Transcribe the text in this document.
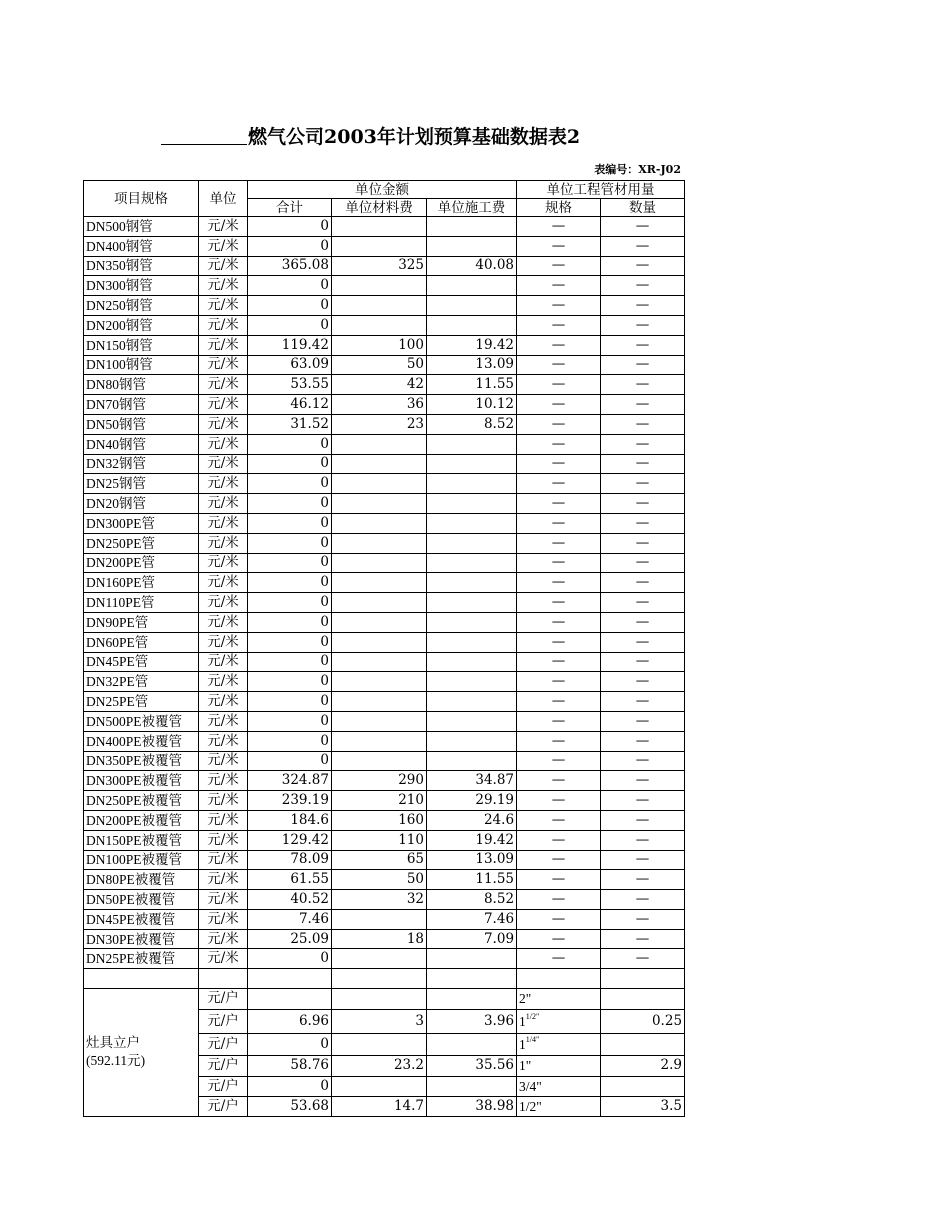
燃气公司2003年计划预算基础数据表2
表编号：XR-J02
项目规格	单位	单位金额			单位工程管材用量	
		合计	单位材料费	单位施工费	规格	数量
DN500钢管	元/米	0			—	—
DN400钢管	元/米	0			—	—
DN350钢管	元/米	365.08	325	40.08	—	—
DN300钢管	元/米	0			—	—
DN250钢管	元/米	0			—	—
DN200钢管	元/米	0			—	—
DN150钢管	元/米	119.42	100	19.42	—	—
DN100钢管	元/米	63.09	50	13.09	—	—
DN80钢管	元/米	53.55	42	11.55	—	—
DN70钢管	元/米	46.12	36	10.12	—	—
DN50钢管	元/米	31.52	23	8.52	—	—
DN40钢管	元/米	0			—	—
DN32钢管	元/米	0			—	—
DN25钢管	元/米	0			—	—
DN20钢管	元/米	0			—	—
DN300PE管	元/米	0			—	—
DN250PE管	元/米	0			—	—
DN200PE管	元/米	0			—	—
DN160PE管	元/米	0			—	—
DN110PE管	元/米	0			—	—
DN90PE管	元/米	0			—	—
DN60PE管	元/米	0			—	—
DN45PE管	元/米	0			—	—
DN32PE管	元/米	0			—	—
DN25PE管	元/米	0			—	—
DN500PE被覆管	元/米	0			—	—
DN400PE被覆管	元/米	0			—	—
DN350PE被覆管	元/米	0			—	—
DN300PE被覆管	元/米	324.87	290	34.87	—	—
DN250PE被覆管	元/米	239.19	210	29.19	—	—
DN200PE被覆管	元/米	184.6	160	24.6	—	—
DN150PE被覆管	元/米	129.42	110	19.42	—	—
DN100PE被覆管	元/米	78.09	65	13.09	—	—
DN80PE被覆管	元/米	61.55	50	11.55	—	—
DN50PE被覆管	元/米	40.52	32	8.52	—	—
DN45PE被覆管	元/米	7.46		7.46	—	—
DN30PE被覆管	元/米	25.09	18	7.09	—	—
DN25PE被覆管	元/米	0			—	—

灶具立户
(592.11元)	元/户				2"	
	元/户	6.96	3	3.96	$1^{1/2"}$	0.25
	元/户	0			$1^{1/4"}$	
	元/户	58.76	23.2	35.56	1"	2.9
	元/户	0			3/4"	
	元/户	53.68	14.7	38.98	1/2"	3.5
